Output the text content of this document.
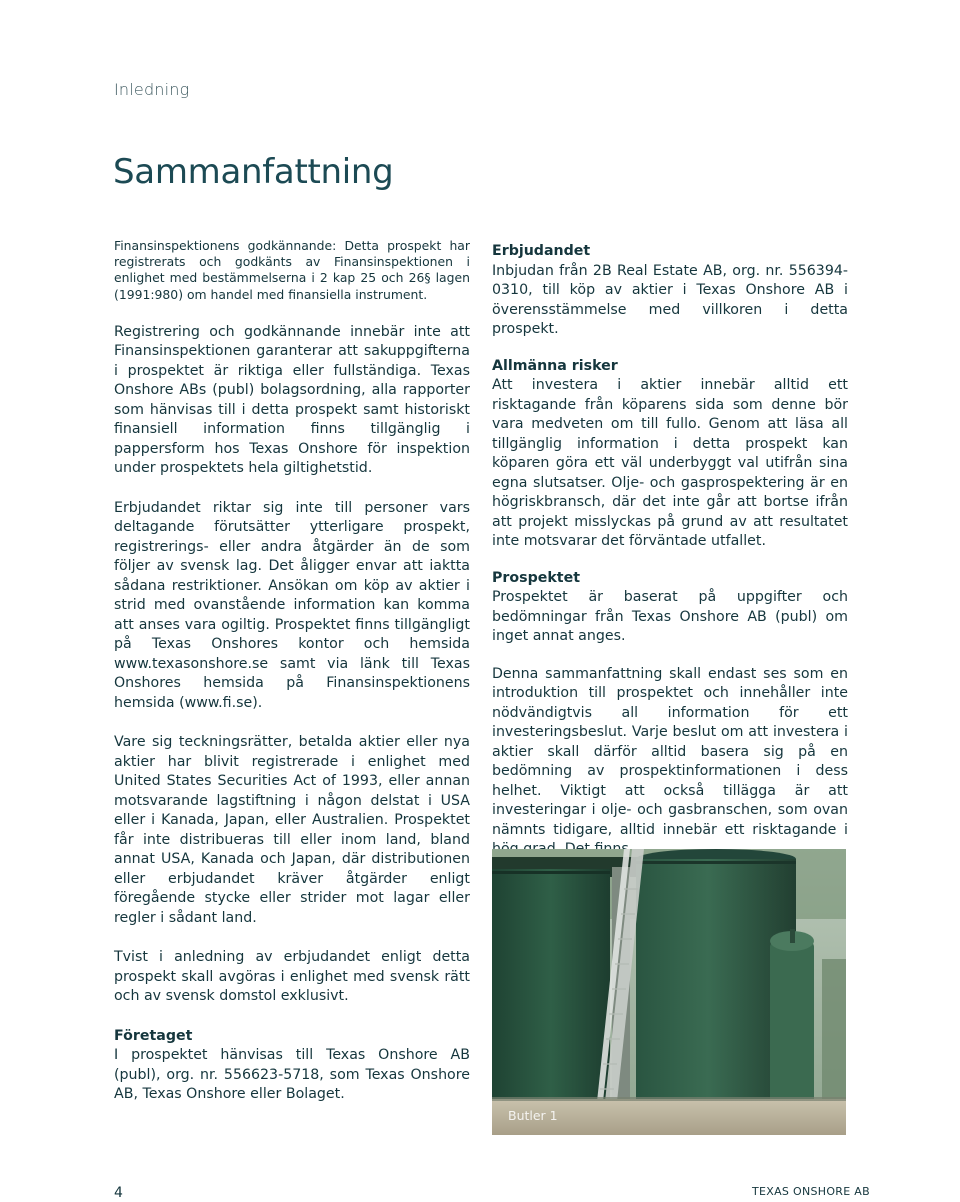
Inledning
Sammanfattning

Finansinspektionens godkännande: Detta prospekt har registrerats och godkänts av Finansinspektionen i enlighet med bestämmelserna i 2 kap 25 och 26§ lagen (1991:980) om handel med finansiella instrument.

Registrering och godkännande innebär inte att Finansinspektionen garanterar att sakuppgifterna i prospektet är riktiga eller fullständiga. Texas Onshore ABs (publ) bolagsordning, alla rapporter som hänvisas till i detta prospekt samt historiskt finansiell information finns tillgänglig i pappersform hos Texas Onshore för inspektion under prospektets hela giltighetstid.

Erbjudandet riktar sig inte till personer vars deltagande förutsätter ytterligare prospekt, registrerings- eller andra åtgärder än de som följer av svensk lag. Det åligger envar att iaktta sådana restriktioner. Ansökan om köp av aktier i strid med ovanstående information kan komma att anses vara ogiltig. Prospektet finns tillgängligt på Texas Onshores kontor och hemsida www.texasonshore.se samt via länk till Texas Onshores hemsida på Finansinspektionens hemsida (www.fi.se).

Vare sig teckningsrätter, betalda aktier eller nya aktier har blivit registrerade i enlighet med United States Securities Act of 1993, eller annan motsvarande lagstiftning i någon delstat i USA eller i Kanada, Japan, eller Australien. Prospektet får inte distribueras till eller inom land, bland annat USA, Kanada och Japan, där distributionen eller erbjudandet kräver åtgärder enligt föregående stycke eller strider mot lagar eller regler i sådant land.

Tvist i anledning av erbjudandet enligt detta prospekt skall avgöras i enlighet med svensk rätt och av svensk domstol exklusivt.

Företaget

I prospektet hänvisas till Texas Onshore AB (publ), org. nr. 556623-5718, som Texas Onshore AB, Texas Onshore eller Bolaget.

Erbjudandet

Inbjudan från 2B Real Estate AB, org. nr. 556394-0310, till köp av aktier i Texas Onshore AB i överensstämmelse med villkoren i detta prospekt.

Allmänna risker

Att investera i aktier innebär alltid ett risktagande från köparens sida som denne bör vara medveten om till fullo. Genom att läsa all tillgänglig information i detta prospekt kan köparen göra ett väl underbyggt val utifrån sina egna slutsatser. Olje- och gasprospektering är en högriskbransch, där det inte går att bortse ifrån att projekt misslyckas på grund av att resultatet inte motsvarar det förväntade utfallet.

Prospektet

Prospektet är baserat på uppgifter och bedömningar från Texas Onshore AB (publ) om inget annat anges.

Denna sammanfattning skall endast ses som en introduktion till prospektet och innehåller inte nödvändigtvis all information för ett investeringsbeslut. Varje beslut om att investera i aktier skall därför alltid basera sig på en bedömning av prospektinformationen i dess helhet. Viktigt att också tillägga är att investeringar i olje- och gasbranschen, som ovan nämnts tidigare, alltid innebär ett risktagande i

Butler 1
4	TEXAS ONSHORE AB
